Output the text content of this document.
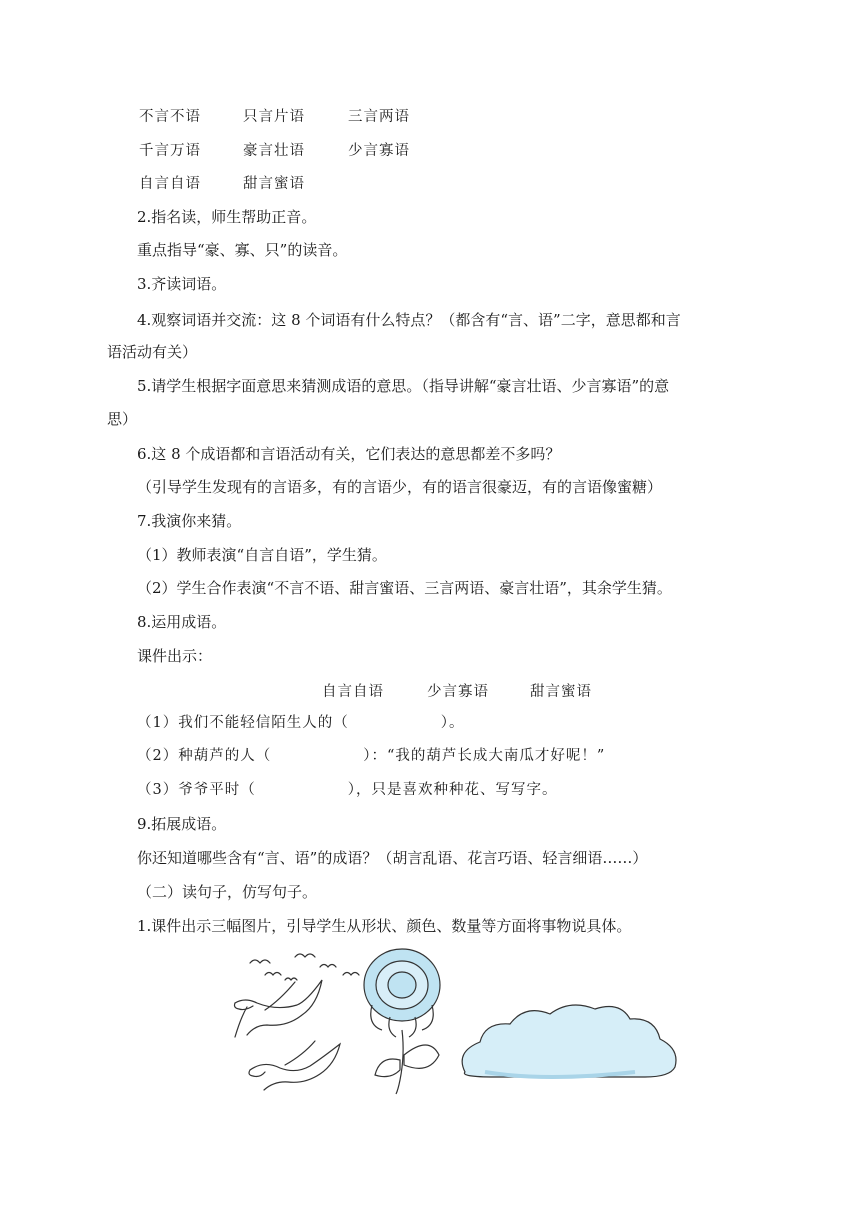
不言不语	只言片语	三言两语
千言万语	豪言壮语	少言寡语
自言自语	甜言蜜语
2.指名读，师生帮助正音。
重点指导“豪、寡、只”的读音。
3.齐读词语。
4.观察词语并交流：这 8 个词语有什么特点？（都含有“言、语”二字，意思都和言
语活动有关）
5.请学生根据字面意思来猜测成语的意思。（指导讲解“豪言壮语、少言寡语”的意
思）
6.这 8 个成语都和言语活动有关，它们表达的意思都差不多吗？
（引导学生发现有的言语多，有的言语少，有的语言很豪迈，有的言语像蜜糖）
7.我演你来猜。
（1）教师表演“自言自语”，学生猜。
（2）学生合作表演“不言不语、甜言蜜语、三言两语、豪言壮语”，其余学生猜。
8.运用成语。
课件出示：
自言自语	少言寡语	甜言蜜语
（1）我们不能轻信陌生人的（	）。
（2）种葫芦的人（	）：“我的葫芦长成大南瓜才好呢！”
（3）爷爷平时（	），只是喜欢种种花、写写字。
9.拓展成语。
你还知道哪些含有“言、语”的成语？（胡言乱语、花言巧语、轻言细语……）
（二）读句子，仿写句子。
1.课件出示三幅图片，引导学生从形状、颜色、数量等方面将事物说具体。
